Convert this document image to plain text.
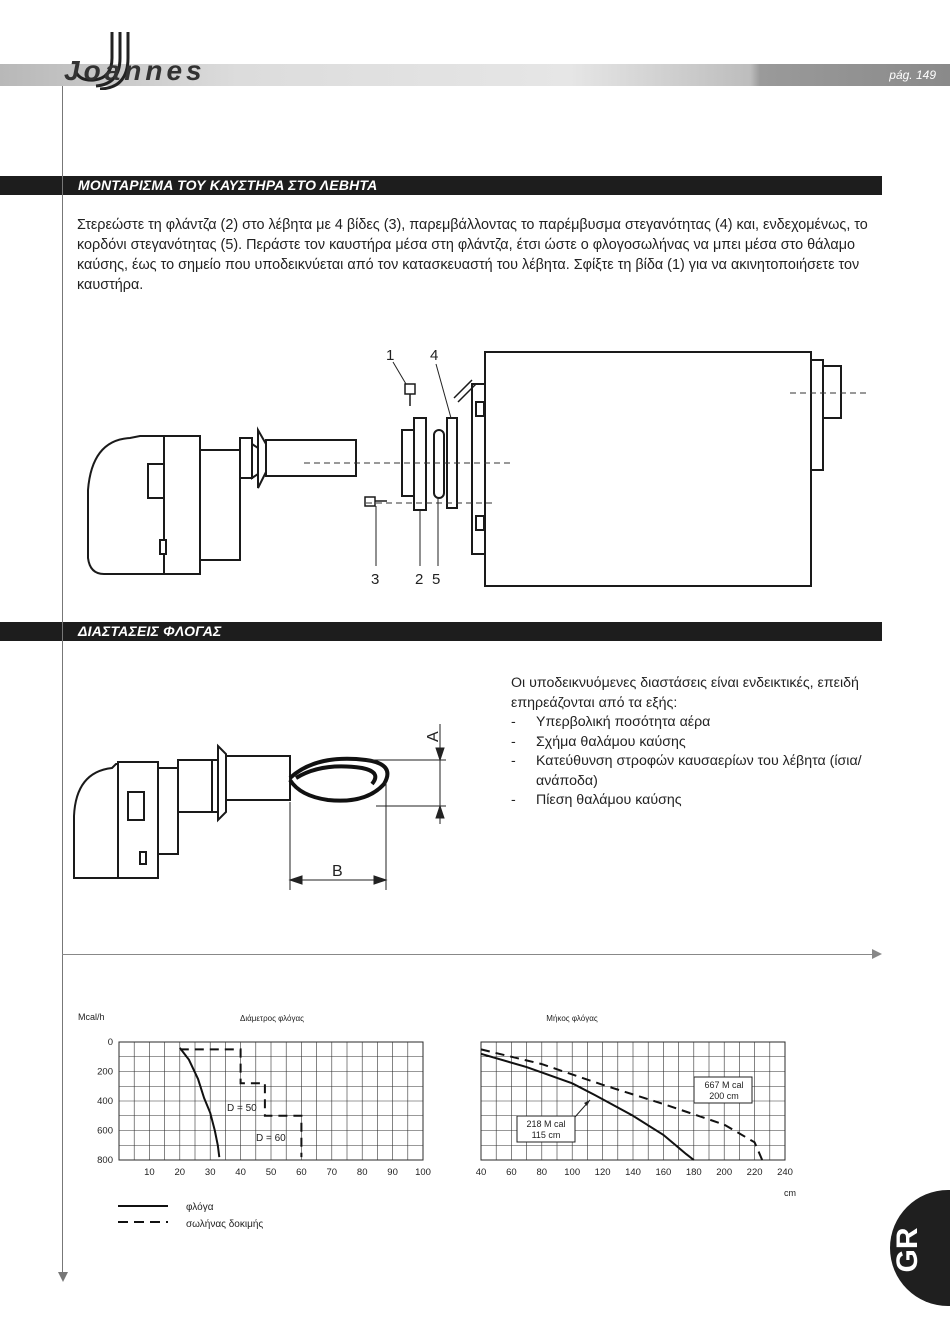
pág. 149
Joannes
ΜΟΝΤΑΡΙΣΜΑ ΤΟΥ ΚΑΥΣΤΗΡΑ ΣΤΟ ΛΕΒΗΤΑ
Στερεώστε τη φλάντζα (2) στο λέβητα με 4 βίδες (3), παρεμβάλλοντας το παρέμβυσμα στεγανότητας (4) και, ενδεχομένως, το κορδόνι στεγανότητας (5). Περάστε τον καυστήρα μέσα στη φλάντζα, έτσι ώστε ο φλογοσωλήνας να μπει μέσα στο θάλαμο καύσης, έως το σημείο που υποδεικνύεται από τον κατασκευαστή του λέβητα. Σφίξτε τη βίδα (1) για να ακινητοποιήσετε τον καυστήρα.
1 4
3 2 5
ΔΙΑΣΤΑΣΕΙΣ ΦΛΟΓΑΣ
B
A
Οι υποδεικνυόμενες διαστάσεις είναι ενδεικτικές, επειδή επηρεάζονται από τα εξής:
-	Υπερβολική ποσότητα αέρα
-	Σχήμα θαλάμου καύσης
-	Κατεύθυνση στροφών καυσαερίων του λέβητα (ίσια/ανάποδα)
-	Πίεση θαλάμου καύσης
Mcal/h	Διάμετρος φλόγας	Μήκος φλόγας
cm
10 20 30 40 50 60 70 80 90 100
0
200
400
600
800
40 60 80 100 120 140 160 180 200 220 240
D = 50
D = 60
667 M cal
200 cm
218 M cal
115 cm
φλόγα
σωλήνας δοκιμής
GR
